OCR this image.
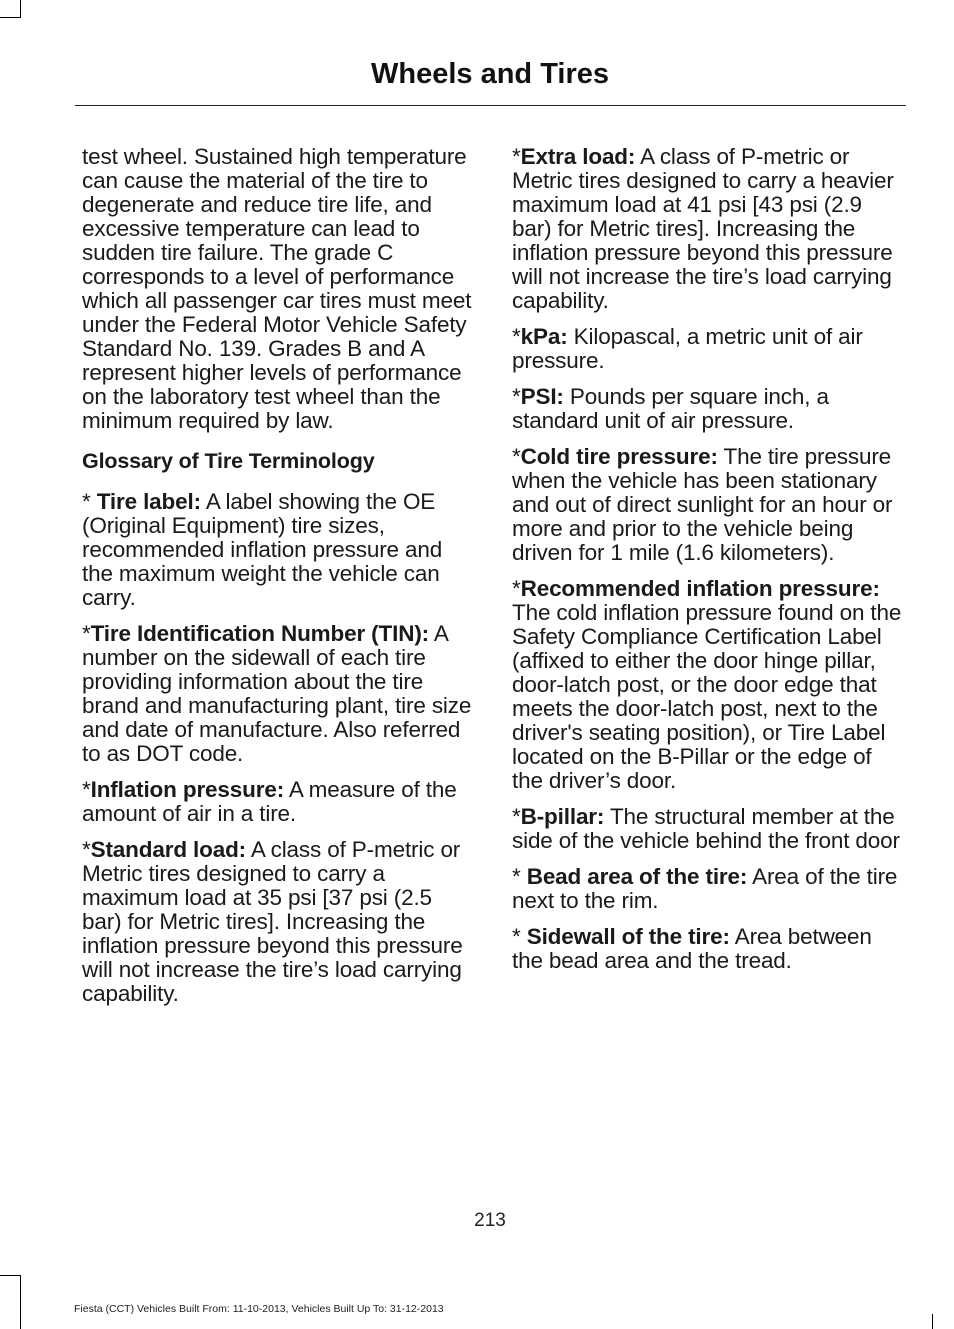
Wheels and Tires

test wheel. Sustained high temperature can cause the material of the tire to degenerate and reduce tire life, and excessive temperature can lead to sudden tire failure. The grade C corresponds to a level of performance which all passenger car tires must meet under the Federal Motor Vehicle Safety Standard No. 139. Grades B and A represent higher levels of performance on the laboratory test wheel than the minimum required by law.

Glossary of Tire Terminology

* Tire label: A label showing the OE (Original Equipment) tire sizes, recommended inflation pressure and the maximum weight the vehicle can carry.

*Tire Identification Number (TIN): A number on the sidewall of each tire providing information about the tire brand and manufacturing plant, tire size and date of manufacture. Also referred to as DOT code.

*Inflation pressure: A measure of the amount of air in a tire.

*Standard load: A class of P-metric or Metric tires designed to carry a maximum load at 35 psi [37 psi (2.5 bar) for Metric tires]. Increasing the inflation pressure beyond this pressure will not increase the tire’s load carrying capability.

*Extra load: A class of P-metric or Metric tires designed to carry a heavier maximum load at 41 psi [43 psi (2.9 bar) for Metric tires]. Increasing the inflation pressure beyond this pressure will not increase the tire’s load carrying capability.

*kPa: Kilopascal, a metric unit of air pressure.

*PSI: Pounds per square inch, a standard unit of air pressure.

*Cold tire pressure: The tire pressure when the vehicle has been stationary and out of direct sunlight for an hour or more and prior to the vehicle being driven for 1 mile (1.6 kilometers).

*Recommended inflation pressure: The cold inflation pressure found on the Safety Compliance Certification Label (affixed to either the door hinge pillar, door-latch post, or the door edge that meets the door-latch post, next to the driver's seating position), or Tire Label located on the B-Pillar or the edge of the driver’s door.

*B-pillar: The structural member at the side of the vehicle behind the front door

* Bead area of the tire: Area of the tire next to the rim.

* Sidewall of the tire: Area between the bead area and the tread.

213
Fiesta (CCT) Vehicles Built From: 11-10-2013, Vehicles Built Up To: 31-12-2013
